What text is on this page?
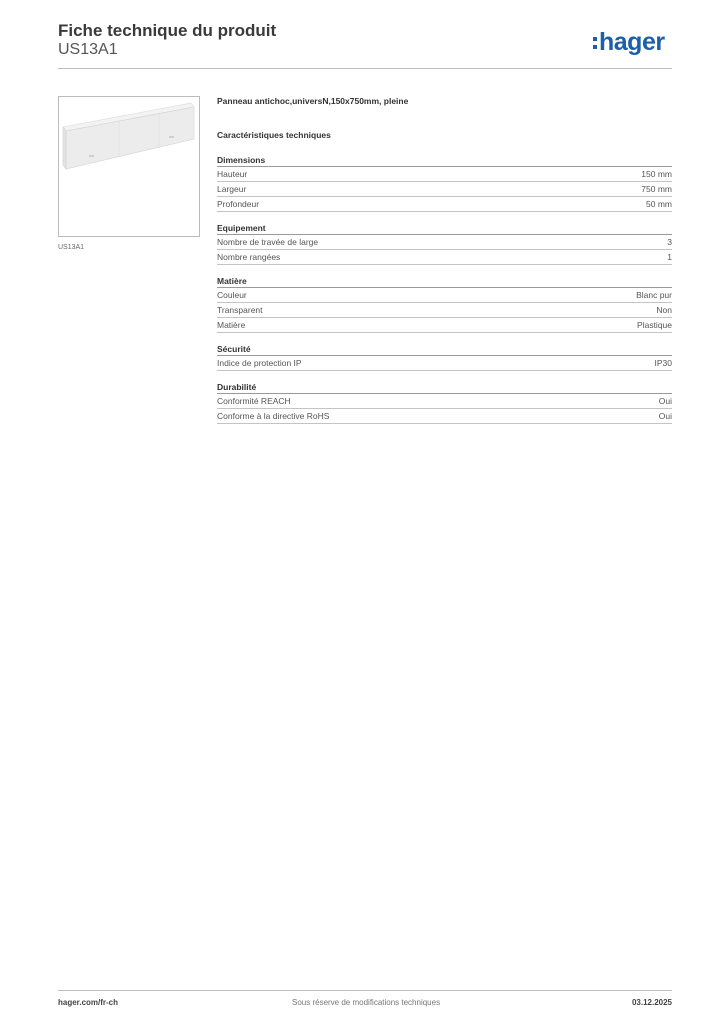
Fiche technique du produit
US13A1	hager
US13A1
Panneau antichoc,universN,150x750mm, pleine
Caractéristiques techniques
Dimensions
Hauteur	150 mm
Largeur	750 mm
Profondeur	50 mm
Equipement
Nombre de travée de large	3
Nombre rangées	1
Matière
Couleur	Blanc pur
Transparent	Non
Matière	Plastique
Sécurité
Indice de protection IP	IP30
Durabilité
Conformité REACH	Oui
Conforme à la directive RoHS	Oui
hager.com/fr-ch	Sous réserve de modifications techniques	03.12.2025
